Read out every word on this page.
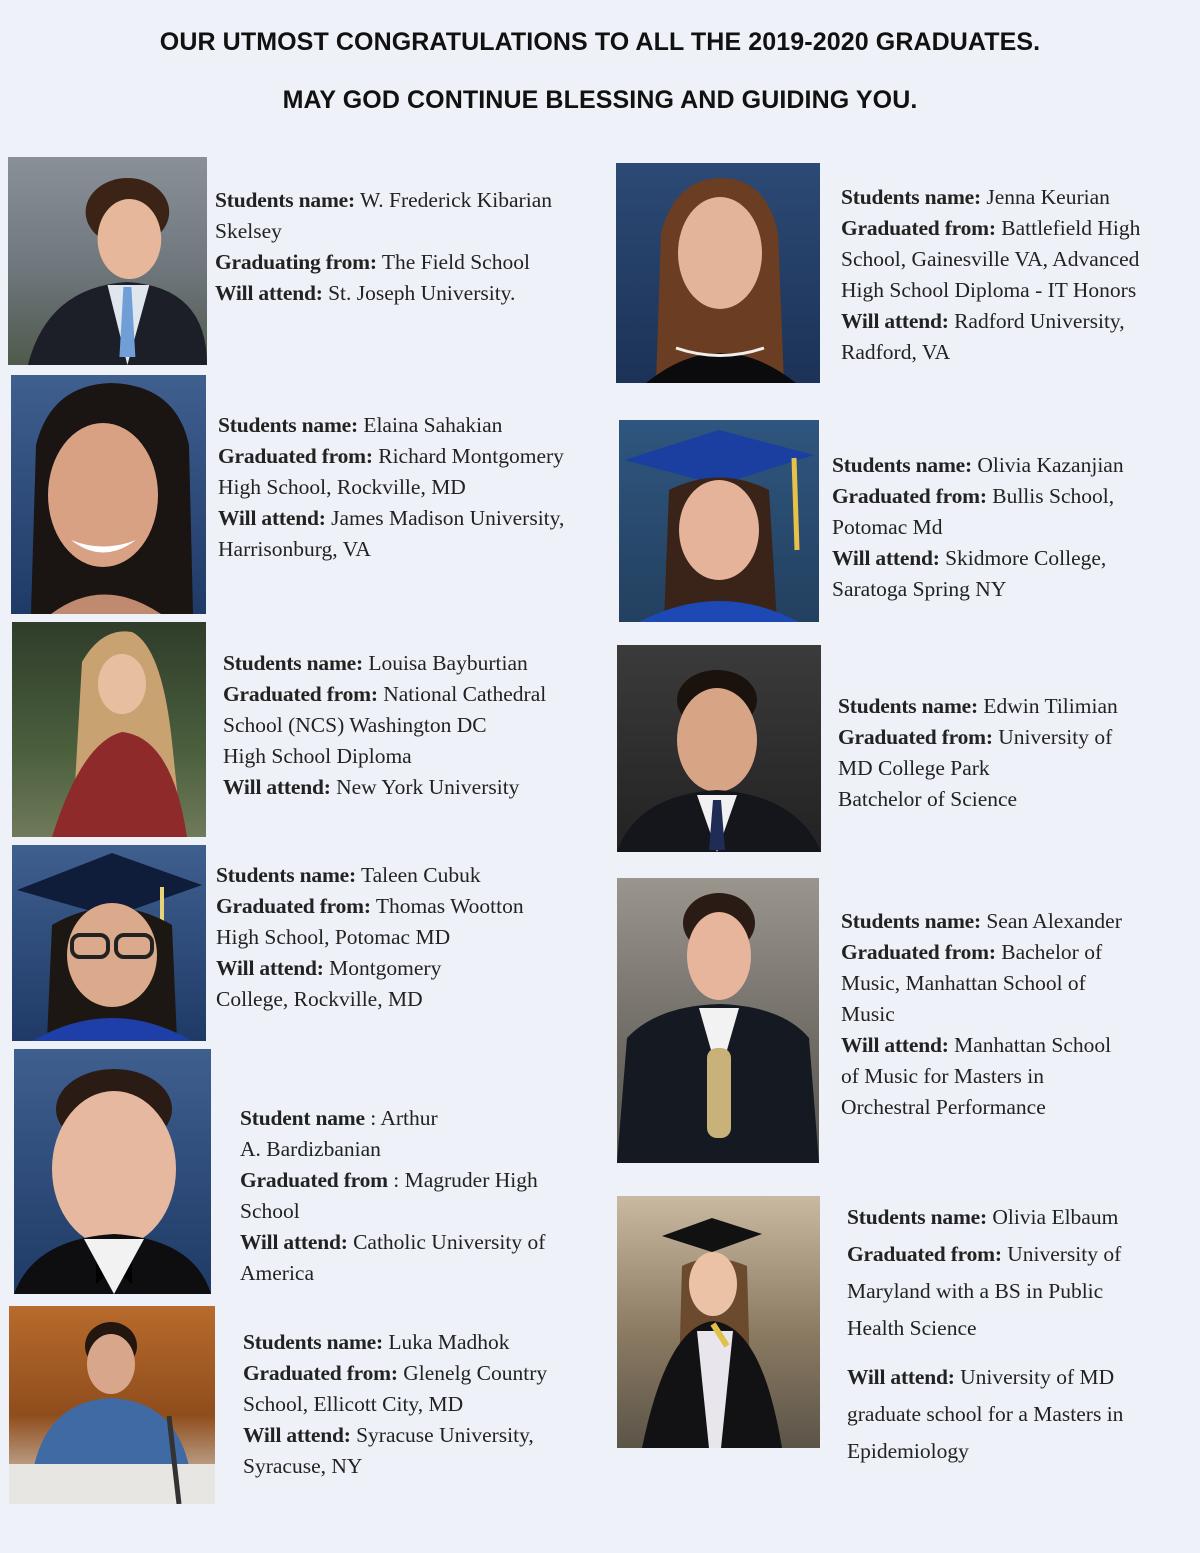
OUR UTMOST CONGRATULATIONS TO ALL THE 2019-2020 GRADUATES.
MAY GOD CONTINUE BLESSING AND GUIDING YOU.
Students name: W. Frederick Kibarian
Skelsey
Graduating from: The Field School
Will attend: St. Joseph University.
Students name: Jenna Keurian
Graduated from: Battlefield High
School, Gainesville VA, Advanced
High School Diploma - IT Honors
Will attend: Radford University,
Radford, VA
Students name: Elaina Sahakian
Graduated from: Richard Montgomery
High School, Rockville, MD
Will attend: James Madison University,
Harrisonburg, VA
Students name: Olivia Kazanjian
Graduated from: Bullis School,
Potomac Md
Will attend: Skidmore College,
Saratoga Spring NY
Students name: Louisa Bayburtian
Graduated from: National Cathedral
School (NCS) Washington DC
High School Diploma
Will attend: New York University
Students name: Edwin Tilimian
Graduated from: University of
MD College Park
Batchelor of Science
Students name: Taleen Cubuk
Graduated from: Thomas Wootton
High School, Potomac MD
Will attend: Montgomery
College, Rockville, MD
Students name: Sean Alexander
Graduated from: Bachelor of
Music, Manhattan School of
Music
Will attend: Manhattan School
of Music for Masters in
Orchestral Performance
Student name : Arthur
A. Bardizbanian
Graduated from : Magruder High
School
Will attend: Catholic University of
America
Students name: Olivia Elbaum
Graduated from: University of
Maryland with a BS in Public
Health Science
Will attend: University of MD
graduate school for a Masters in
Epidemiology
Students name: Luka Madhok
Graduated from: Glenelg Country
School, Ellicott City, MD
Will attend: Syracuse University,
Syracuse, NY
